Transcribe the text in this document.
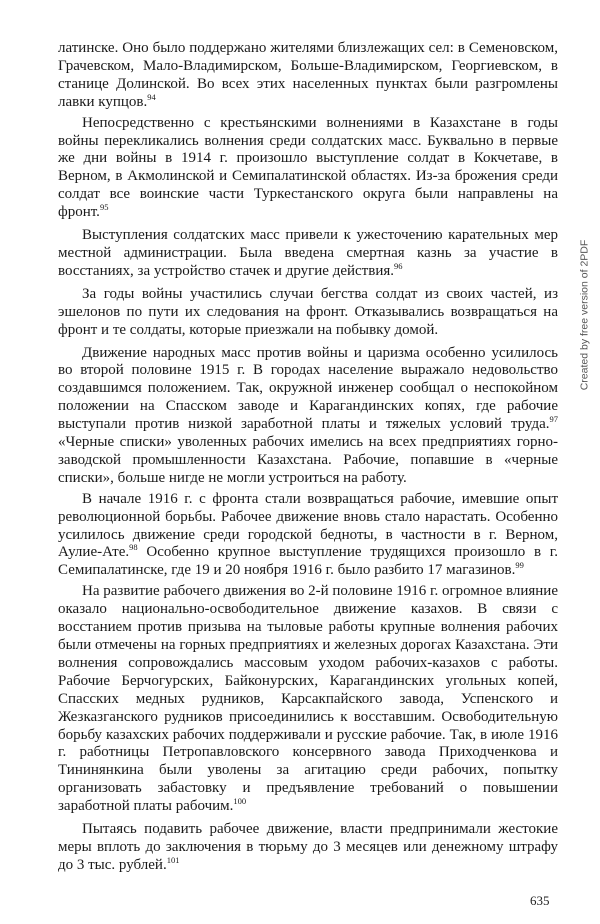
латинске. Оно было поддержано жителями близлежащих сел: в Семеновском, Грачевском, Мало-Владимирском, Больше-Владимирском, Георгиевском, в станице Долинской. Во всех этих населенных пунктах были разгромлены лавки купцов.$^{94}$

Непосредственно с крестьянскими волнениями в Казахстане в годы войны перекликались волнения среди солдатских масс. Буквально в первые же дни войны в 1914 г. произошло выступление солдат в Кокчетаве, в Верном, в Акмолинской и Семипалатинской областях. Из-за брожения среди солдат все воинские части Туркестанского округа были направлены на фронт.$^{95}$

Выступления солдатских масс привели к ужесточению карательных мер местной администрации. Была введена смертная казнь за участие в восстаниях, за устройство стачек и другие действия.$^{96}$

За годы войны участились случаи бегства солдат из своих частей, из эшелонов по пути их следования на фронт. Отказывались возвращаться на фронт и те солдаты, которые приезжали на побывку домой.

Движение народных масс против войны и царизма особенно усилилось во второй половине 1915 г. В городах население выражало недовольство создавшимся положением. Так, окружной инженер сообщал о неспокойном положении на Спасском заводе и Карагандинских копях, где рабочие выступали против низкой заработной платы и тяжелых условий труда.$^{97}$ «Черные списки» уволенных рабочих имелись на всех предприятиях горно-заводской промышленности Казахстана. Рабочие, попавшие в «черные списки», больше нигде не могли устроиться на работу.

В начале 1916 г. с фронта стали возвращаться рабочие, имевшие опыт революционной борьбы. Рабочее движение вновь стало нарастать. Особенно усилилось движение среди городской бедноты, в частности в г. Верном, Аулие-Ате.$^{98}$ Особенно крупное выступление трудящихся произошло в г. Семипалатинске, где 19 и 20 ноября 1916 г. было разбито 17 магазинов.$^{99}$

На развитие рабочего движения во 2-й половине 1916 г. огромное влияние оказало национально-освободительное движение казахов. В связи с восстанием против призыва на тыловые работы крупные волнения рабочих были отмечены на горных предприятиях и железных дорогах Казахстана. Эти волнения сопровождались массовым уходом рабочих-казахов с работы. Рабочие Берчогурских, Байконурских, Карагандинских угольных копей, Спасских медных рудников, Карсакпайского завода, Успенского и Жезказганского рудников присоединились к восставшим. Освободительную борьбу казахских рабочих поддерживали и русские рабочие. Так, в июле 1916 г. работницы Петропавловского консервного завода Приходченкова и Тининянкина были уволены за агитацию среди рабочих, попытку организовать забастовку и предъявление требований о повышении заработной платы рабочим.$^{100}$

Пытаясь подавить рабочее движение, власти предпринимали жестокие меры вплоть до заключения в тюрьму до 3 месяцев или денежному штрафу до 3 тыс. рублей.$^{101}$

635
Created by free version of 2PDF
